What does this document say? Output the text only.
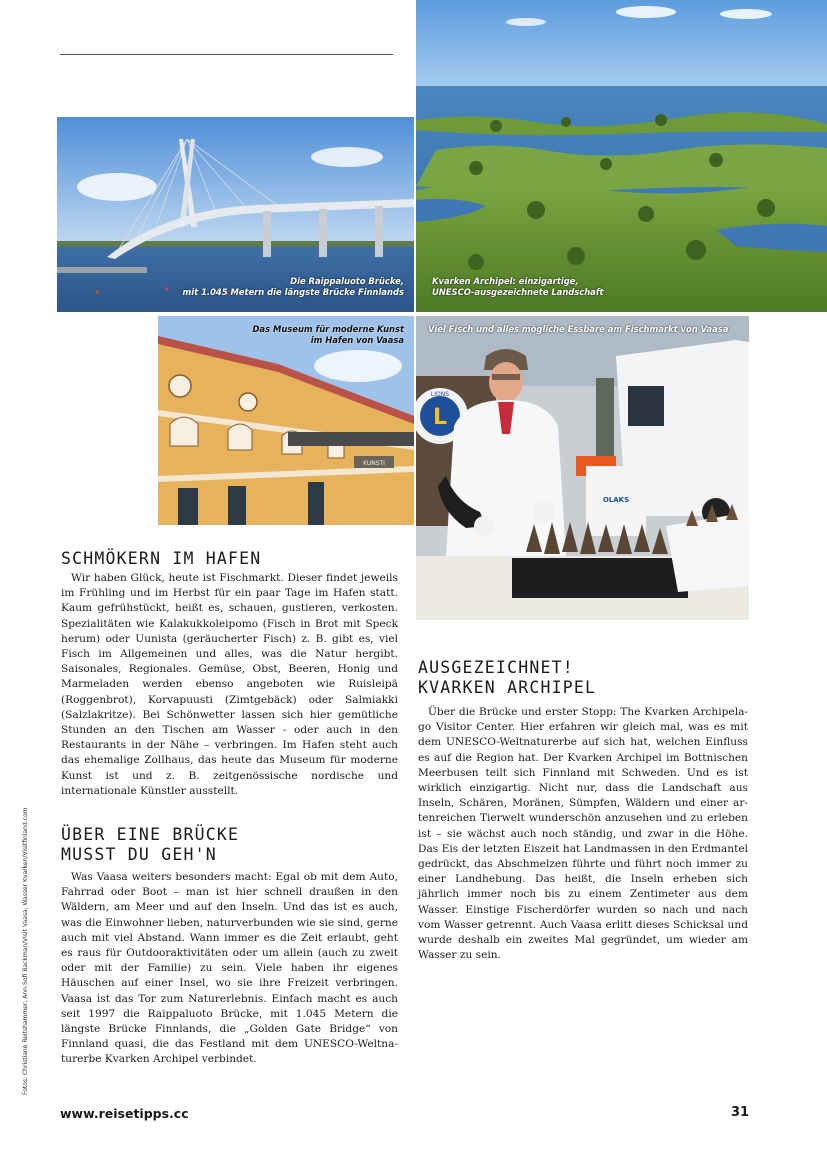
Die Raippaluoto Brücke,
mit 1.045 Metern die längste Brücke Finnlands
Kvarken Archipel: einzigartige,
UNESCO-ausgezeichnete Landschaft
KUNSTI
Das Museum für moderne Kunst
im Hafen von Vaasa
L
LIONS
OLAKS
Viel Fisch und alles mögliche Essbare am Fischmarkt von Vaasa
SCHMÖKERN IM HAFEN
Wir haben Glück, heute ist Fischmarkt. Dieser findet jeweils im Frühling und im Herbst für ein paar Tage im Hafen statt. Kaum gefrühstückt, heißt es, schauen, gustieren, verkosten. Spezialitäten wie Kalakukkoleipomo (Fisch in Brot mit Speck herum) oder Uunista (geräucherter Fisch) z. B. gibt es, viel Fisch im Allgemeinen und alles, was die Natur hergibt. Saisonales, Regionales. Gemüse, Obst, Beeren, Honig und Marmeladen werden ebenso angeboten wie Ruisleipä (Roggenbrot), Korvapuusti (Zimtgebäck) oder Salmiakki (Salzlakritze). Bei Schönwetter lassen sich hier gemütliche Stunden an den Tischen am Wasser - oder auch in den Restaurants in der Nähe – verbringen. Im Hafen steht auch das ehemalige Zollhaus, das heute das Museum für moderne Kunst ist und z. B. zeitgenössische nordische und internationale Künstler ausstellt.
ÜBER EINE BRÜCKE
MUSST DU GEH'N
Was Vaasa weiters besonders macht: Egal ob mit dem Auto, Fahrrad oder Boot – man ist hier schnell draußen in den Wäldern, am Meer und auf den Inseln. Und das ist es auch, was die Einwohner lieben, naturverbunden wie sie sind, gerne auch mit viel Abstand. Wann immer es die Zeit erlaubt, geht es raus für Outdooraktivitäten oder um allein (auch zu zweit oder mit der Familie) zu sein. Viele haben ihr eigenes Häuschen auf einer Insel, wo sie ihre Freizeit verbringen. Vaasa ist das Tor zum Naturerlebnis. Einfach macht es auch seit 1997 die Raippaluoto Brücke, mit 1.045 Metern die längste Brücke Finnlands, die „Golden Gate Bridge“ von Finnland quasi, die das Festland mit dem UNESCO-Weltnaturerbe Kvarken Archipel verbindet.
AUSGEZEICHNET!
KVARKEN ARCHIPEL
Über die Brücke und erster Stopp: The Kvarken Archipelago Visitor Center. Hier erfahren wir gleich mal, was es mit dem UNESCO-Weltnaturerbe auf sich hat, welchen Einfluss es auf die Region hat. Der Kvarken Archipel im Bottnischen Meerbusen teilt sich Finnland mit Schweden. Und es ist wirklich einzigartig. Nicht nur, dass die Landschaft aus Inseln, Schären, Moränen, Sümpfen, Wäldern und einer artenreichen Tierwelt wunderschön anzusehen und zu erleben ist – sie wächst auch noch ständig, und zwar in die Höhe. Das Eis der letzten Eiszeit hat Landmassen in den Erdmantel gedrückt, das Abschmelzen führte und führt noch immer zu einer Landhebung. Das heißt, die Inseln erheben sich jährlich immer noch bis zu einem Zentimeter aus dem Wasser. Einstige Fischerdörfer wurden so nach und nach vom Wasser getrennt. Auch Vaasa erlitt dieses Schicksal und wurde deshalb ein zweites Mal gegründet, um wieder am Wasser zu sein.
Fotos: Christiane Reitshammer, Ann-Sofi Backman/Visit Vaasa, Wasser Kvarken/Visitfinland.com
www.reisetipps.cc	31
